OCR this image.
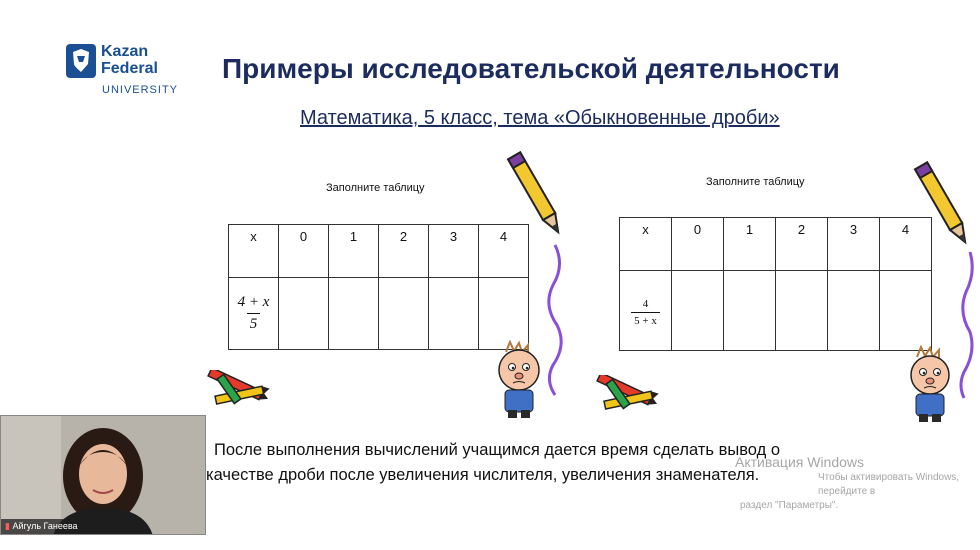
Kazan
Federal
UNIVERSITY
Примеры исследовательской деятельности
Математика, 5 класс, тема «Обыкновенные дроби»
Заполните таблицу
x	0	1	2	3	4

$\frac{4 + x}{5}$

Заполните таблицу
x	0	1	2	3	4

$\frac{4}{5 + x}$

После выполнения вычислений учащимся дается время сделать вывод о
качестве дроби после увеличения числителя, увеличения знаменателя.
Активация Windows
Чтобы активировать Windows, перейдите в
раздел "Параметры".
▮ Айгуль Ганеева
